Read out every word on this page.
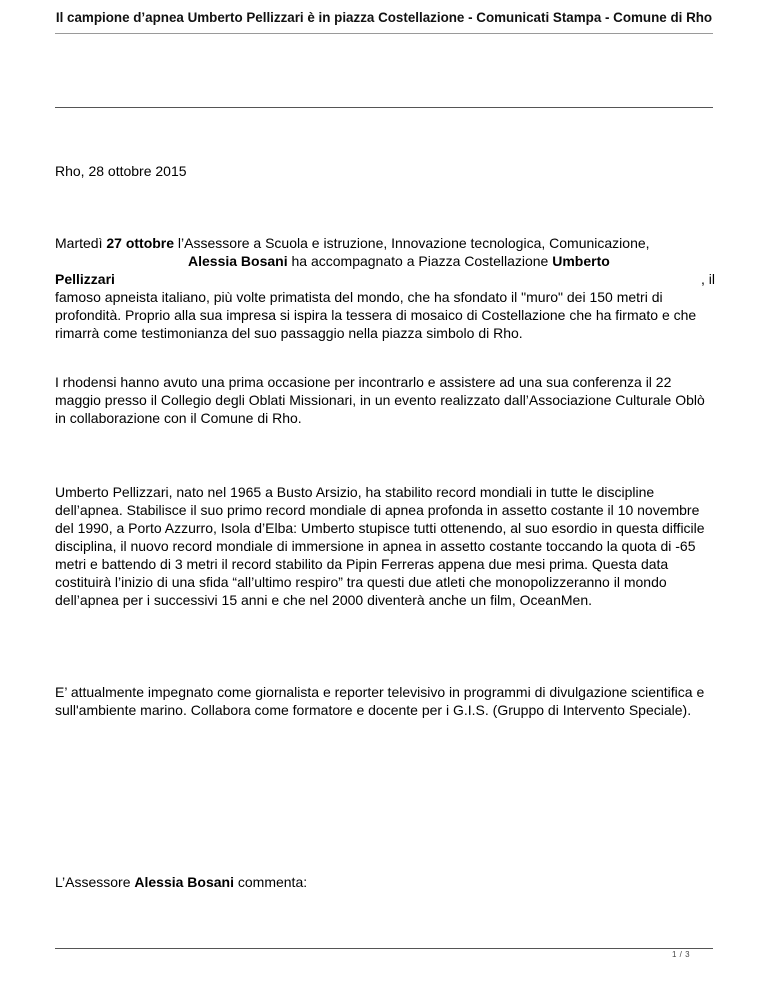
Il campione d’apnea Umberto Pellizzari è in piazza Costellazione - Comunicati Stampa - Comune di Rho
Rho, 28 ottobre 2015
Martedì 27 ottobre l’Assessore a Scuola e istruzione, Innovazione tecnologica, Comunicazione,
Alessia Bosani ha accompagnato a Piazza Costellazione Umberto
Pellizzari	, il
famoso apneista italiano, più volte primatista del mondo, che ha sfondato il "muro" dei 150 metri di profondità. Proprio alla sua impresa si ispira la tessera di mosaico di Costellazione che ha firmato e che rimarrà come testimonianza del suo passaggio nella piazza simbolo di Rho.
I rhodensi hanno avuto una prima occasione per incontrarlo e assistere ad una sua conferenza il 22 maggio presso il Collegio degli Oblati Missionari, in un evento realizzato dall’Associazione Culturale Oblò in collaborazione con il Comune di Rho.
Umberto Pellizzari, nato nel 1965 a Busto Arsizio, ha stabilito record mondiali in tutte le discipline dell’apnea. Stabilisce il suo primo record mondiale di apnea profonda in assetto costante il 10 novembre del 1990, a Porto Azzurro, Isola d’Elba: Umberto stupisce tutti ottenendo, al suo esordio in questa difficile disciplina, il nuovo record mondiale di immersione in apnea in assetto costante toccando la quota di -65 metri e battendo di 3 metri il record stabilito da Pipin Ferreras appena due mesi prima. Questa data costituirà l’inizio di una sfida “all’ultimo respiro” tra questi due atleti che monopolizzeranno il mondo dell’apnea per i successivi 15 anni e che nel 2000 diventerà anche un film, OceanMen.
E’ attualmente impegnato come giornalista e reporter televisivo in programmi di divulgazione scientifica e sull'ambiente marino. Collabora come formatore e docente per i G.I.S. (Gruppo di Intervento Speciale).
L’Assessore Alessia Bosani commenta:
1 / 3
